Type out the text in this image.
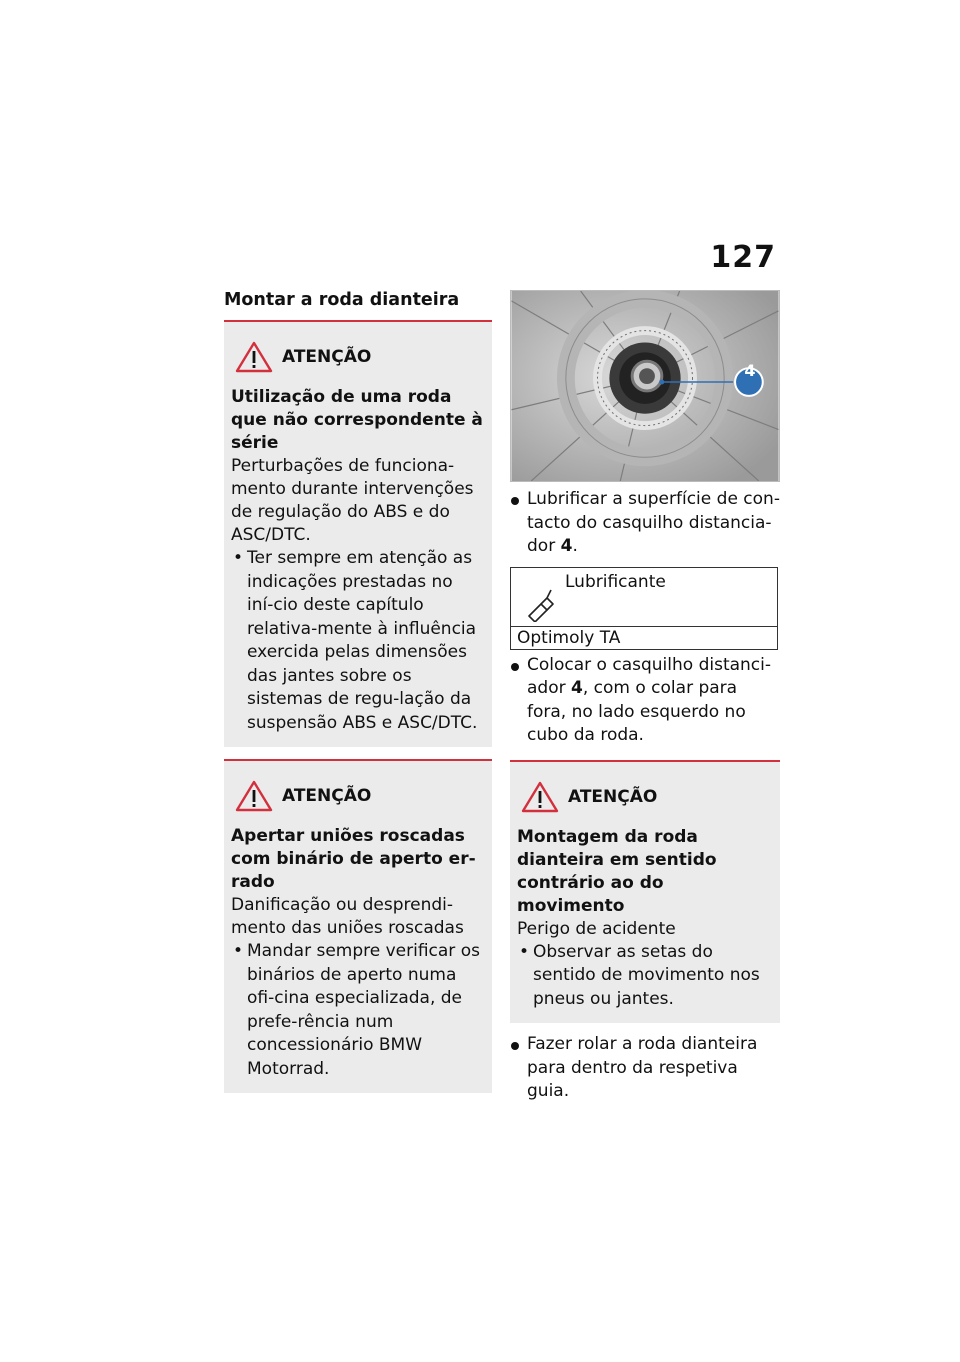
127
Montar a roda dianteira
ATENÇÃO
Utilização de uma roda que não correspondente à série
Perturbações de funciona-mento durante intervenções de regulação do ABS e do ASC/DTC.
• Ter sempre em atenção as indicações prestadas no iní-cio deste capítulo relativa-mente à influência exercida pelas dimensões das jantes sobre os sistemas de regu-lação da suspensão ABS e ASC/DTC.
ATENÇÃO
Apertar uniões roscadas com binário de aperto er-rado
Danificação ou desprendi-mento das uniões roscadas
• Mandar sempre verificar os binários de aperto numa ofi-cina especializada, de prefe-rência num concessionário BMW Motorrad.
4
Lubrificar a superfície de con-tacto do casquilho distancia-dor 4.
Lubrificante
Optimoly TA
Colocar o casquilho distanci-ador 4, com o colar para fora, no lado esquerdo no cubo da roda.
ATENÇÃO
Montagem da roda dianteira em sentido contrário ao do movimento
Perigo de acidente
• Observar as setas do sentido de movimento nos pneus ou jantes.
Fazer rolar a roda dianteira para dentro da respetiva guia.
